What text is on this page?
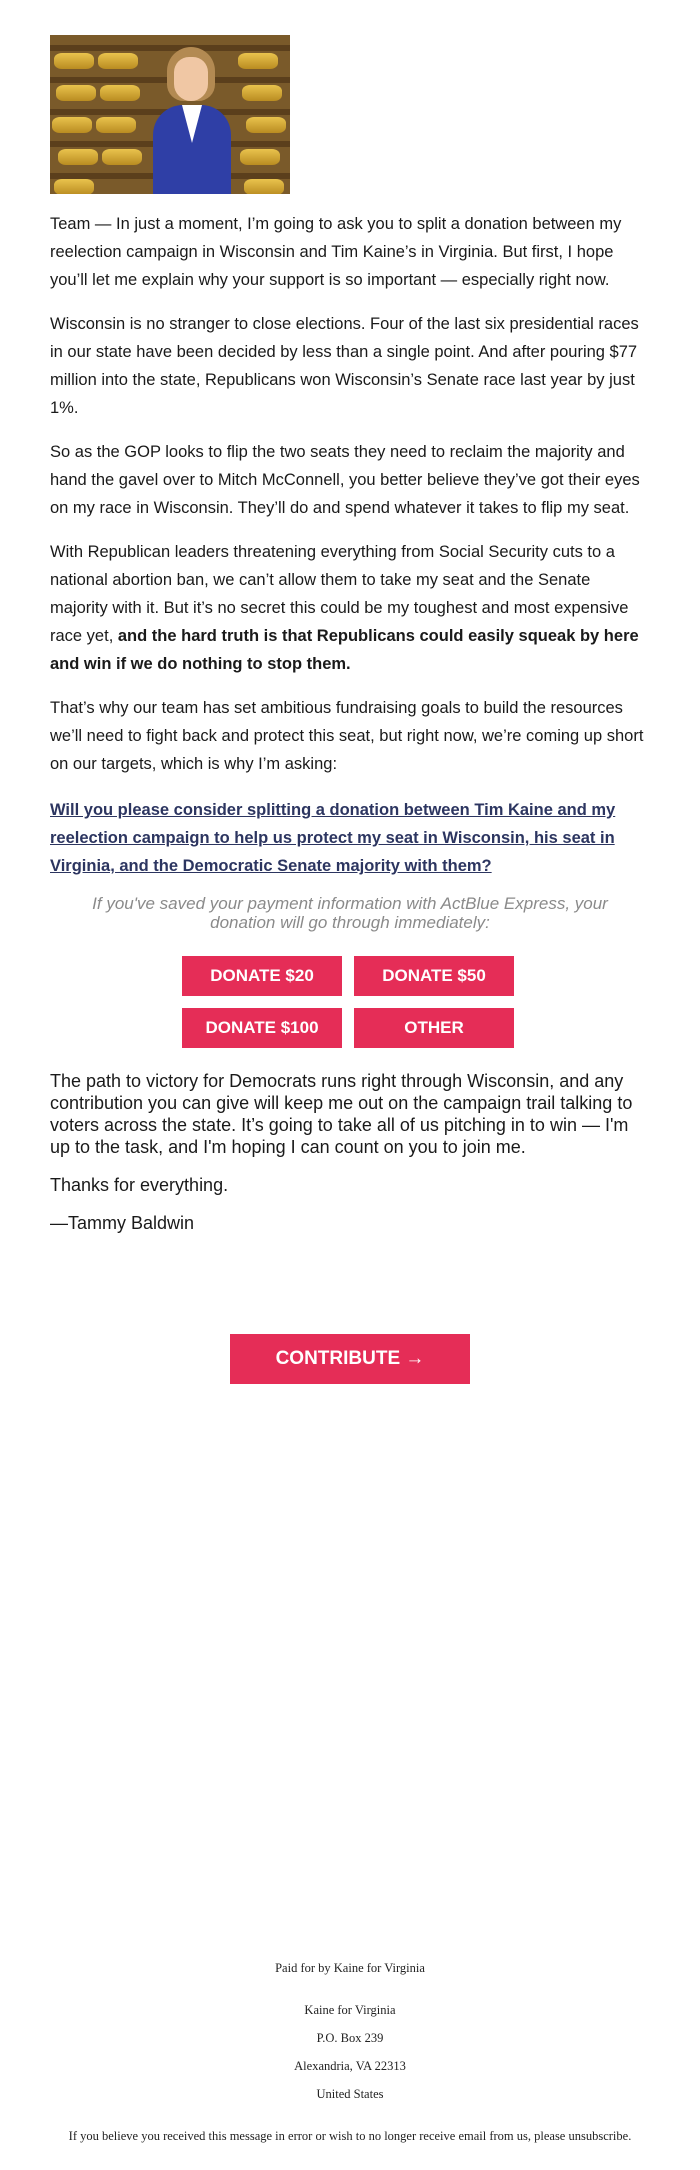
Team — In just a moment, I’m going to ask you to split a donation between my reelection campaign in Wisconsin and Tim Kaine’s in Virginia. But first, I hope you’ll let me explain why your support is so important — especially right now.

Wisconsin is no stranger to close elections. Four of the last six presidential races in our state have been decided by less than a single point. And after pouring $77 million into the state, Republicans won Wisconsin’s Senate race last year by just 1%.

So as the GOP looks to flip the two seats they need to reclaim the majority and hand the gavel over to Mitch McConnell, you better believe they’ve got their eyes on my race in Wisconsin. They’ll do and spend whatever it takes to flip my seat.

With Republican leaders threatening everything from Social Security cuts to a national abortion ban, we can’t allow them to take my seat and the Senate majority with it. But it’s no secret this could be my toughest and most expensive race yet, and the hard truth is that Republicans could easily squeak by here and win if we do nothing to stop them.

That’s why our team has set ambitious fundraising goals to build the resources we’ll need to fight back and protect this seat, but right now, we’re coming up short on our targets, which is why I’m asking:

Will you please consider splitting a donation between Tim Kaine and my reelection campaign to help us protect my seat in Wisconsin, his seat in Virginia, and the Democratic Senate majority with them?

If you've saved your payment information with ActBlue Express, your donation will go through immediately:

DONATE $20	DONATE $50
DONATE $100	OTHER

The path to victory for Democrats runs right through Wisconsin, and any contribution you can give will keep me out on the campaign trail talking to voters across the state. It’s going to take all of us pitching in to win — I'm up to the task, and I'm hoping I can count on you to join me.

Thanks for everything.

—Tammy Baldwin

CONTRIBUTE →
Paid for by Kaine for Virginia
Kaine for Virginia
P.O. Box 239
Alexandria, VA 22313
United States
If you believe you received this message in error or wish to no longer receive email from us, please unsubscribe.
